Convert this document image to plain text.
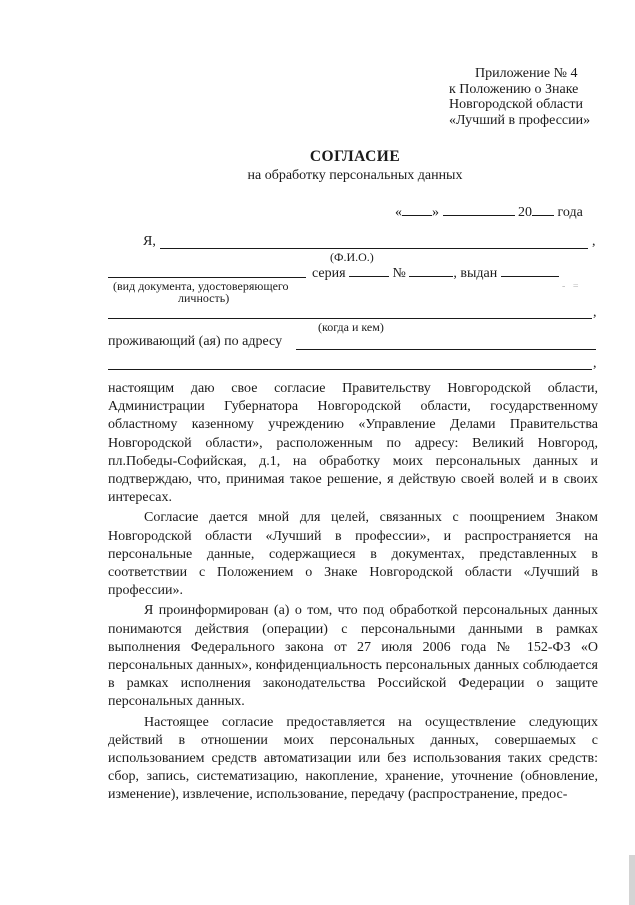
Приложение № 4
к Положению о Знаке
Новгородской области
«Лучший в профессии»
СОГЛАСИЕ
на обработку персональных данных
« »	20 года
Я,	,
(Ф.И.О.)
серия	№	, выдан
(вид документа, удостоверяющего
личность)
-   =
,
(когда и кем)
проживающий (ая) по адресу
,

настоящим даю свое согласие Правительству Новгородской области, Администрации Губернатора Новгородской области, государственному областному казенному учреждению «Управление Делами Правительства Новгородской области», расположенным по адресу: Великий Новгород, пл.Победы-Софийская, д.1, на обработку моих персональных данных и подтверждаю, что, принимая такое решение, я действую своей волей и в своих интересах.

Согласие дается мной для целей, связанных с поощрением Знаком Новгородской области «Лучший в профессии», и распространяется на персональные данные, содержащиеся в документах, представленных в соответствии с Положением о Знаке Новгородской области «Лучший в профессии».

Я проинформирован (а) о том, что под обработкой персональных данных понимаются действия (операции) с персональными данными в рамках выполнения Федерального закона от 27 июля 2006 года № 152-ФЗ «О персональных данных», конфиденциальность персональных данных соблюдается в рамках исполнения законодательства Российской Федерации о защите персональных данных.

Настоящее согласие предоставляется на осуществление следующих действий в отношении моих персональных данных, совершаемых с использованием средств автоматизации или без использования таких средств: сбор, запись, систематизацию, накопление, хранение, уточнение (обновление, изменение), извлечение, использование, передачу (распространение, предос-
